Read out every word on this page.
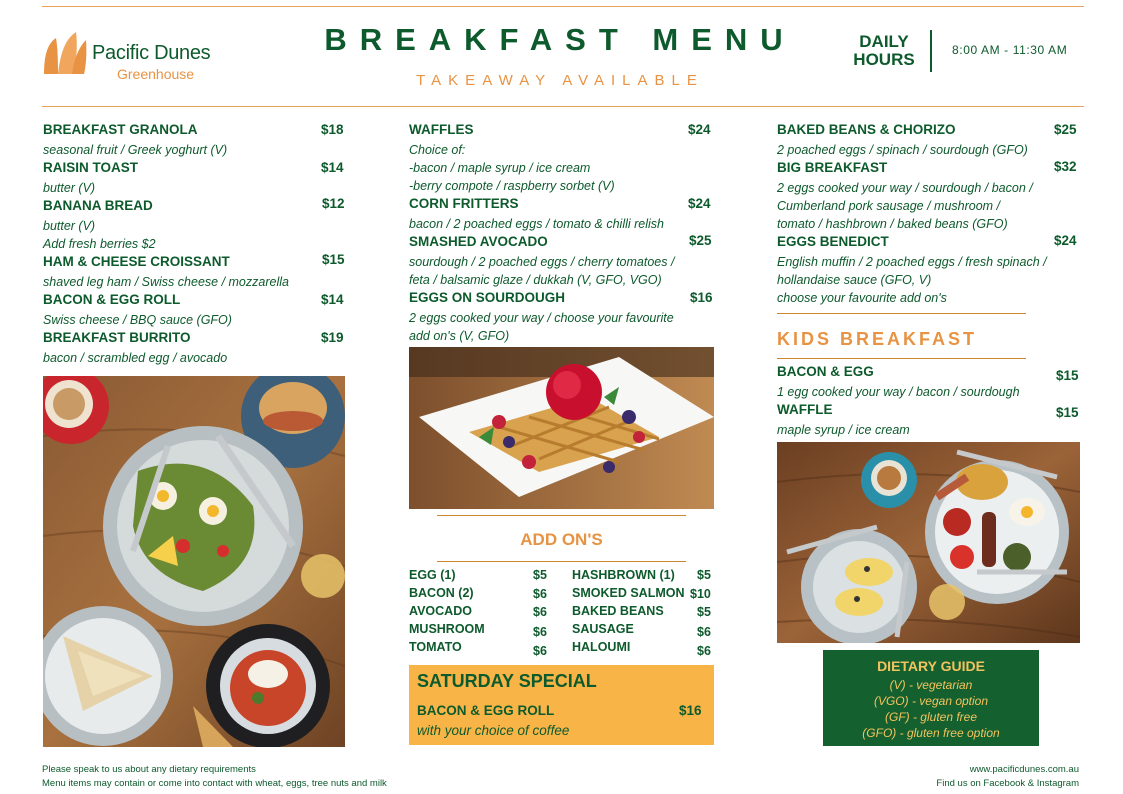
Pacific Dunes
Greenhouse
BREAKFAST MENU
TAKEAWAY AVAILABLE
DAILY
HOURS	8:00 AM - 11:30 AM
BREAKFAST GRANOLA	$18
seasonal fruit / Greek yoghurt (V)
RAISIN TOAST	$14
butter (V)
BANANA BREAD	$12
butter (V)
Add fresh berries $2
HAM & CHEESE CROISSANT	$15
shaved leg ham / Swiss cheese / mozzarella
BACON & EGG ROLL	$14
Swiss cheese / BBQ sauce (GFO)
BREAKFAST BURRITO	$19
bacon / scrambled egg / avocado
WAFFLES	$24
Choice of:
-bacon / maple syrup / ice cream
-berry compote / raspberry sorbet (V)
CORN FRITTERS	$24
bacon / 2 poached eggs / tomato & chilli relish
SMASHED AVOCADO	$25
sourdough / 2 poached eggs / cherry tomatoes /
feta / balsamic glaze / dukkah (V, GFO, VGO)
EGGS ON SOURDOUGH	$16
2 eggs cooked your way / choose your favourite
add on's (V, GFO)
ADD ON'S
EGG (1)	$5
BACON (2)	$6
AVOCADO	$6
MUSHROOM	$6
TOMATO	$6
HASHBROWN (1) $5
SMOKED SALMON $10
BAKED BEANS	$5
SAUSAGE	$6
HALOUMI	$6
SATURDAY SPECIAL
BACON & EGG ROLL	$16
with your choice of coffee
BAKED BEANS & CHORIZO	$25
2 poached eggs / spinach / sourdough (GFO)
BIG BREAKFAST	$32
2 eggs cooked your way / sourdough / bacon /
Cumberland pork sausage / mushroom /
tomato / hashbrown / baked beans (GFO)
EGGS BENEDICT	$24
English muffin / 2 poached eggs / fresh spinach /
hollandaise sauce (GFO, V)
choose your favourite add on's
KIDS BREAKFAST
BACON & EGG	$15
1 egg cooked your way / bacon / sourdough
WAFFLE	$15
maple syrup / ice cream
DIETARY GUIDE
(V) - vegetarian
(VGO) - vegan option
(GF) - gluten free
(GFO) - gluten free option
Please speak to us about any dietary requirements
Menu items may contain or come into contact with wheat, eggs, tree nuts and milk
www.pacificdunes.com.au
Find us on Facebook & Instagram
